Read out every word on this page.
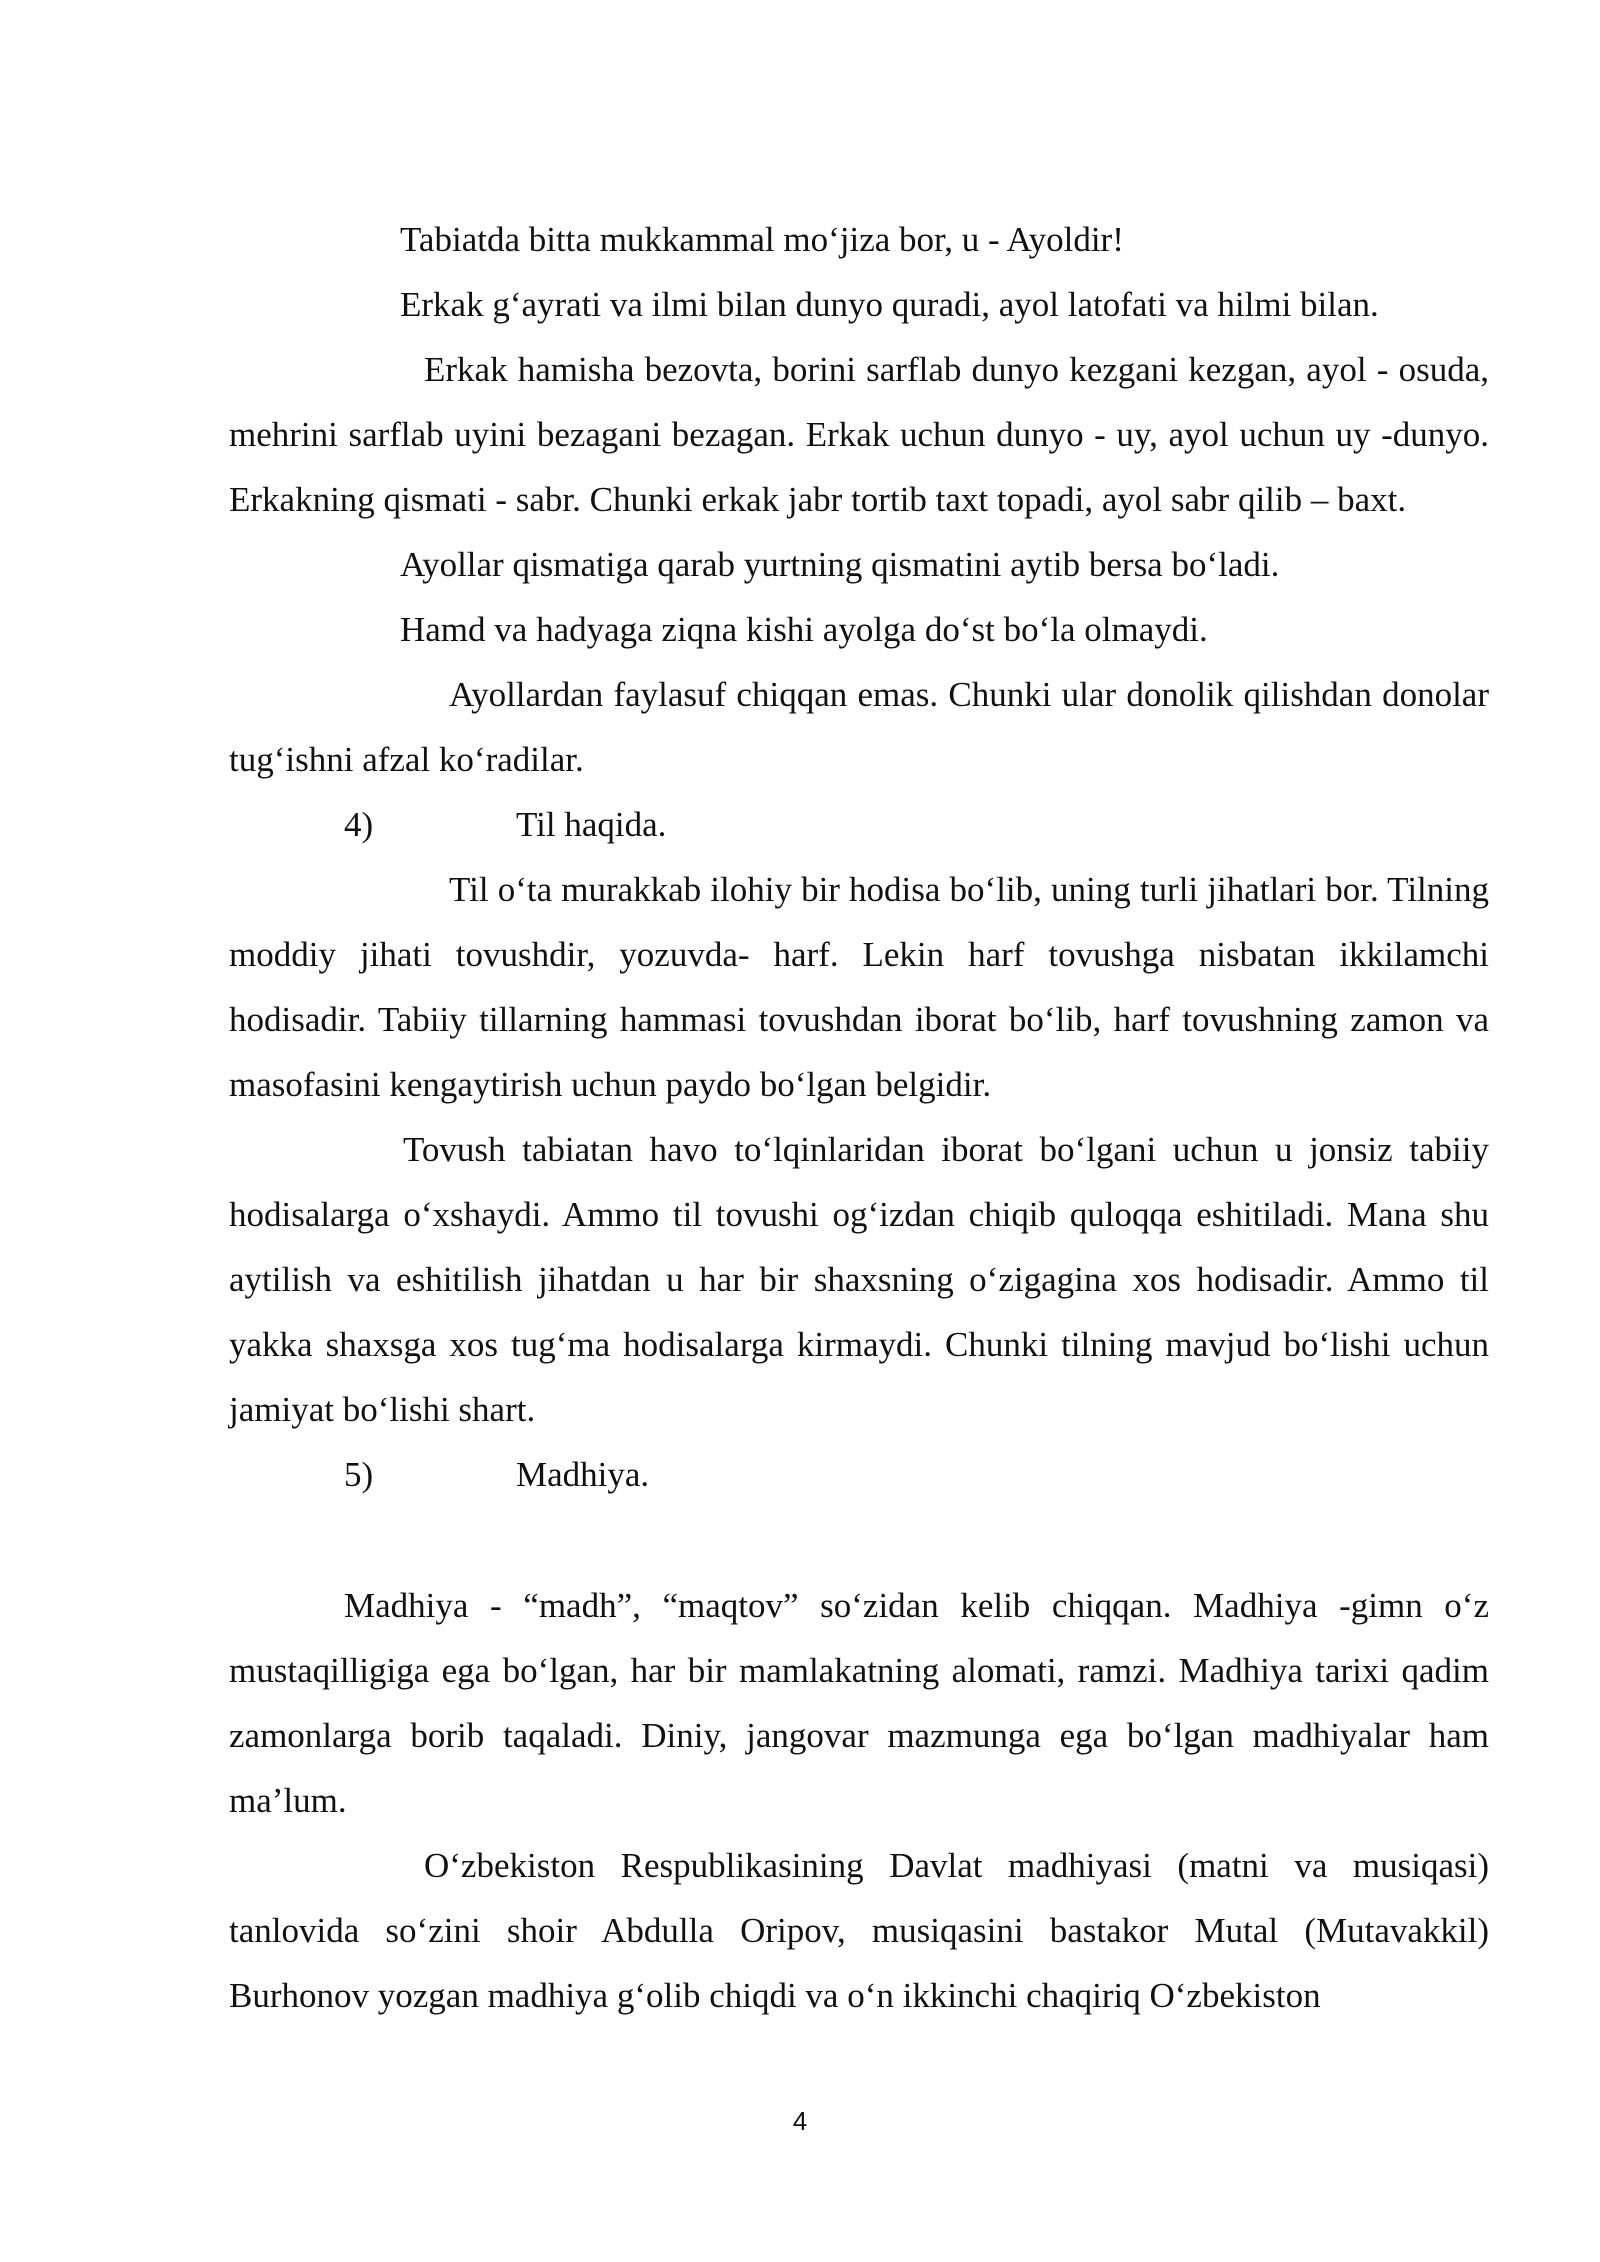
Tabiatda bitta mukkammal mo‘jiza bor, u - Ayoldir!

Erkak g‘ayrati va ilmi bilan dunyo quradi, ayol latofati va hilmi bilan.

Erkak hamisha bezovta, borini sarflab dunyo kezgani kezgan, ayol - osuda, mehrini sarflab uyini bezagani bezagan. Erkak uchun dunyo - uy, ayol uchun uy -dunyo. Erkakning qismati - sabr. Chunki erkak jabr tortib taxt topadi, ayol sabr qilib – baxt.

Ayollar qismatiga qarab yurtning qismatini aytib bersa bo‘ladi.

Hamd va hadyaga ziqna kishi ayolga do‘st bo‘la olmaydi.

Ayollardan faylasuf chiqqan emas. Chunki ular donolik qilishdan donolar tug‘ishni afzal ko‘radilar.

4)	Til haqida.

Til o‘ta murakkab ilohiy bir hodisa bo‘lib, uning turli jihatlari bor. Tilning moddiy jihati tovushdir, yozuvda- harf. Lekin harf tovushga nisbatan ikkilamchi hodisadir. Tabiiy tillarning hammasi tovushdan iborat bo‘lib, harf tovushning zamon va masofasini kengaytirish uchun paydo bo‘lgan belgidir.

Tovush tabiatan havo to‘lqinlaridan iborat bo‘lgani uchun u jonsiz tabiiy hodisalarga o‘xshaydi. Ammo til tovushi og‘izdan chiqib quloqqa eshitiladi. Mana shu aytilish va eshitilish jihatdan u har bir shaxsning o‘zigagina xos hodisadir. Ammo til yakka shaxsga xos tug‘ma hodisalarga kirmaydi. Chunki tilning mavjud bo‘lishi uchun jamiyat bo‘lishi shart.

5)	Madhiya.

Madhiya - “madh”, “maqtov” so‘zidan kelib chiqqan. Madhiya -gimn o‘z mustaqilligiga ega bo‘lgan, har bir mamlakatning alomati, ramzi. Madhiya tarixi qadim zamonlarga borib taqaladi. Diniy, jangovar mazmunga ega bo‘lgan madhiyalar ham ma’lum.

O‘zbekiston Respublikasining Davlat madhiyasi (matni va musiqasi) tanlovida so‘zini shoir Abdulla Oripov, musiqasini bastakor Mutal (Mutavakkil) Burhonov yozgan madhiya g‘olib chiqdi va o‘n ikkinchi chaqiriq O‘zbekiston

4
